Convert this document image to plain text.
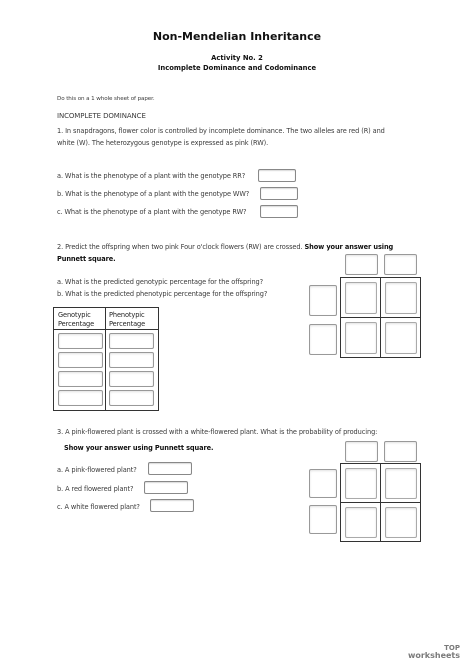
Non-Mendelian Inheritance
Activity No. 2
Incomplete Dominance and Codominance
Do this on a 1 whole sheet of paper.
INCOMPLETE DOMINANCE
1. In snapdragons, flower color is controlled by incomplete dominance. The two alleles are red (R) and
white (W). The heterozygous genotype is expressed as pink (RW).
a. What is the phenotype of a plant with the genotype RR?
b. What is the phenotype of a plant with the genotype WW?
c. What is the phenotype of a plant with the genotype RW?
2. Predict the offspring when two pink Four o'clock flowers (RW) are crossed. Show your answer using
Punnett square.
a. What is the predicted genotypic percentage for the offspring?
b. What is the predicted phenotypic percentage for the offspring?
Genotypic
Percentage
Phenotypic
Percentage
3. A pink-flowered plant is crossed with a white-flowered plant. What is the probability of producing:
Show your answer using Punnett square.
a. A pink-flowered plant?
b. A red flowered plant?
c. A white flowered plant?
TOP
worksheets
